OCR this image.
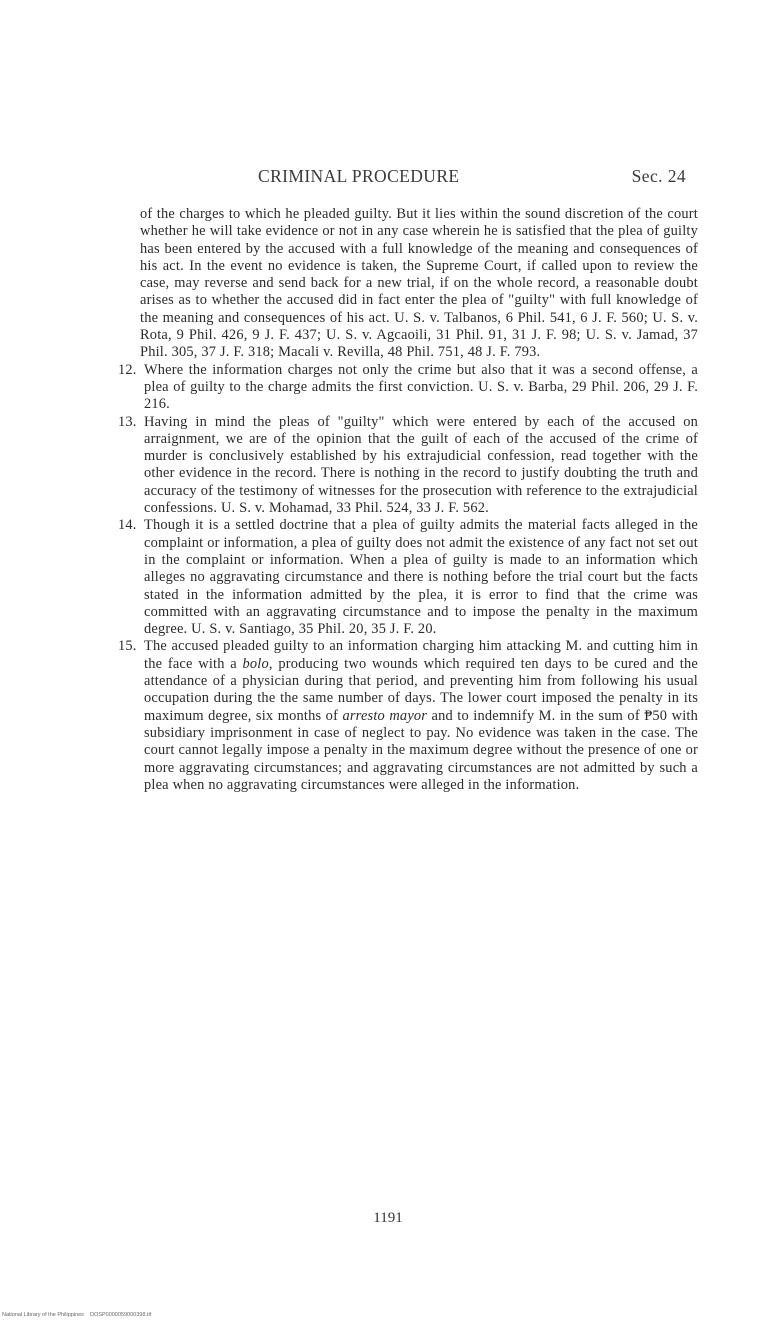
CRIMINAL PROCEDURE	Sec. 24

of the charges to which he pleaded guilty. But it lies within the sound discretion of the court whether he will take evidence or not in any case wherein he is satisfied that the plea of guilty has been entered by the accused with a full knowledge of the meaning and consequences of his act. In the event no evidence is taken, the Supreme Court, if called upon to review the case, may reverse and send back for a new trial, if on the whole record, a reasonable doubt arises as to whether the accused did in fact enter the plea of "guilty" with full knowledge of the meaning and consequences of his act. U. S. v. Talbanos, 6 Phil. 541, 6 J. F. 560; U. S. v. Rota, 9 Phil. 426, 9 J. F. 437; U. S. v. Agcaoili, 31 Phil. 91, 31 J. F. 98; U. S. v. Jamad, 37 Phil. 305, 37 J. F. 318; Macali v. Revilla, 48 Phil. 751, 48 J. F. 793.

12. Where the information charges not only the crime but also that it was a second offense, a plea of guilty to the charge admits the first conviction. U. S. v. Barba, 29 Phil. 206, 29 J. F. 216.
13. Having in mind the pleas of "guilty" which were entered by each of the accused on arraignment, we are of the opinion that the guilt of each of the accused of the crime of murder is conclusively established by his extrajudicial confession, read together with the other evidence in the record. There is nothing in the record to justify doubting the truth and accuracy of the testimony of witnesses for the prosecution with reference to the extrajudicial confessions. U. S. v. Mohamad, 33 Phil. 524, 33 J. F. 562.
14. Though it is a settled doctrine that a plea of guilty admits the material facts alleged in the complaint or information, a plea of guilty does not admit the existence of any fact not set out in the complaint or information. When a plea of guilty is made to an information which alleges no aggravating circumstance and there is nothing before the trial court but the facts stated in the information admitted by the plea, it is error to find that the crime was committed with an aggravating circumstance and to impose the penalty in the maximum degree. U. S. v. Santiago, 35 Phil. 20, 35 J. F. 20.
15. The accused pleaded guilty to an information charging him attacking M. and cutting him in the face with a bolo, producing two wounds which required ten days to be cured and the attendance of a physician during that period, and preventing him from following his usual occupation during the the same number of days. The lower court imposed the penalty in its maximum degree, six months of arresto mayor and to indemnify M. in the sum of ₱50 with subsidiary imprisonment in case of neglect to pay. No evidence was taken in the case. The court cannot legally impose a penalty in the maximum degree without the presence of one or more aggravating circumstances; and aggravating circumstances are not admitted by such a plea when no aggravating circumstances were alleged in the information.
1191
National Library of the Philippines    DOSP0000059000398.tif
